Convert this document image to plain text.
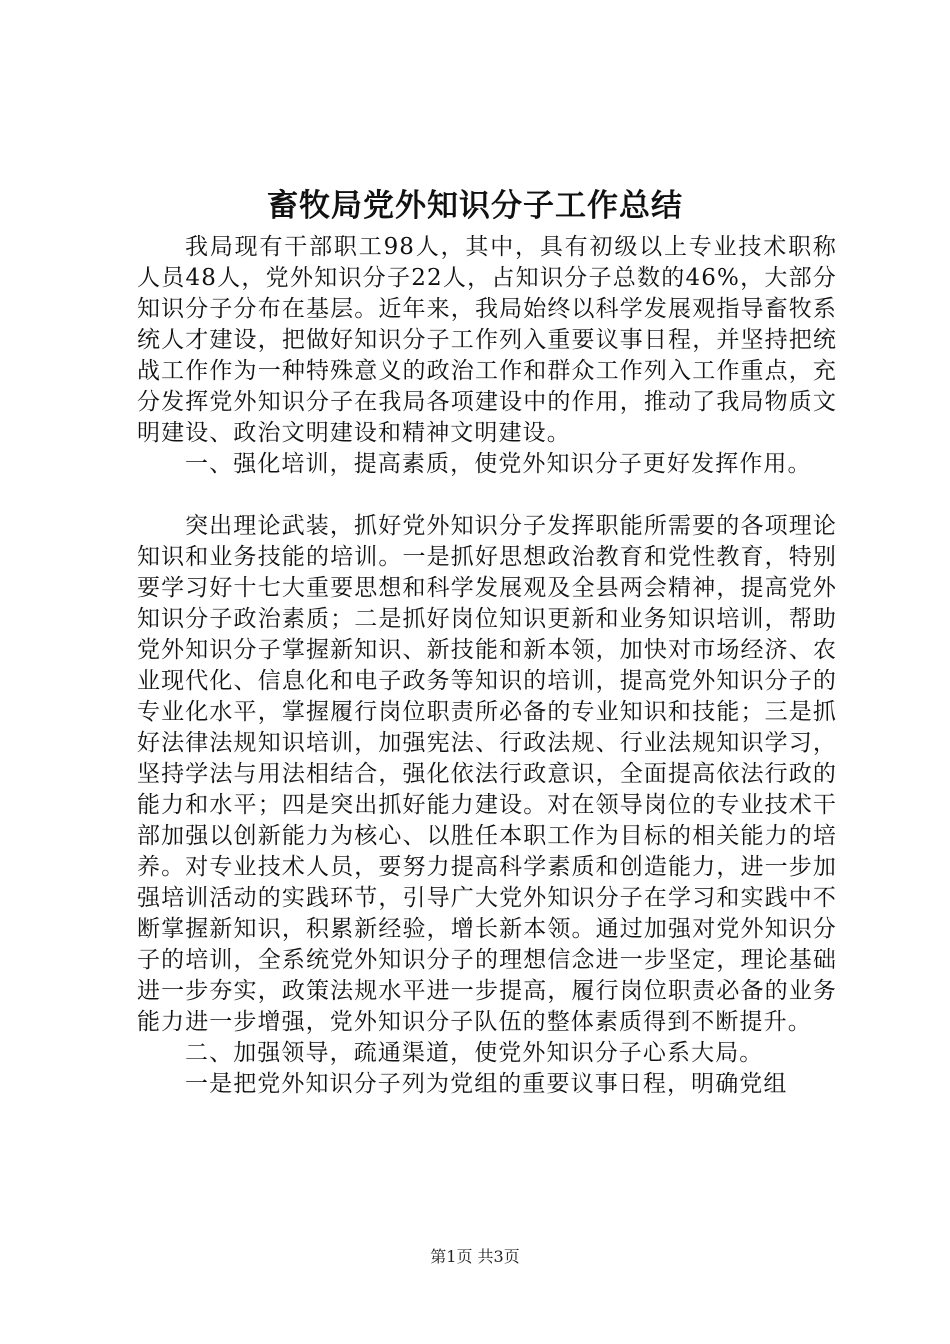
畜牧局党外知识分子工作总结

我局现有干部职工98人，其中，具有初级以上专业技术职称人员48人，党外知识分子22人，占知识分子总数的46%，大部分知识分子分布在基层。近年来，我局始终以科学发展观指导畜牧系统人才建设，把做好知识分子工作列入重要议事日程，并坚持把统战工作作为一种特殊意义的政治工作和群众工作列入工作重点，充分发挥党外知识分子在我局各项建设中的作用，推动了我局物质文明建设、政治文明建设和精神文明建设。

一、强化培训，提高素质，使党外知识分子更好发挥作用。

突出理论武装，抓好党外知识分子发挥职能所需要的各项理论知识和业务技能的培训。一是抓好思想政治教育和党性教育，特别要学习好十七大重要思想和科学发展观及全县两会精神，提高党外知识分子政治素质；二是抓好岗位知识更新和业务知识培训，帮助党外知识分子掌握新知识、新技能和新本领，加快对市场经济、农业现代化、信息化和电子政务等知识的培训，提高党外知识分子的专业化水平，掌握履行岗位职责所必备的专业知识和技能；三是抓好法律法规知识培训，加强宪法、行政法规、行业法规知识学习，坚持学法与用法相结合，强化依法行政意识，全面提高依法行政的能力和水平；四是突出抓好能力建设。对在领导岗位的专业技术干部加强以创新能力为核心、以胜任本职工作为目标的相关能力的培养。对专业技术人员，要努力提高科学素质和创造能力，进一步加强培训活动的实践环节，引导广大党外知识分子在学习和实践中不断掌握新知识，积累新经验，增长新本领。通过加强对党外知识分子的培训，全系统党外知识分子的理想信念进一步坚定，理论基础进一步夯实，政策法规水平进一步提高，履行岗位职责必备的业务能力进一步增强，党外知识分子队伍的整体素质得到不断提升。

二、加强领导，疏通渠道，使党外知识分子心系大局。

一是把党外知识分子列为党组的重要议事日程，明确党组

第1页 共3页
